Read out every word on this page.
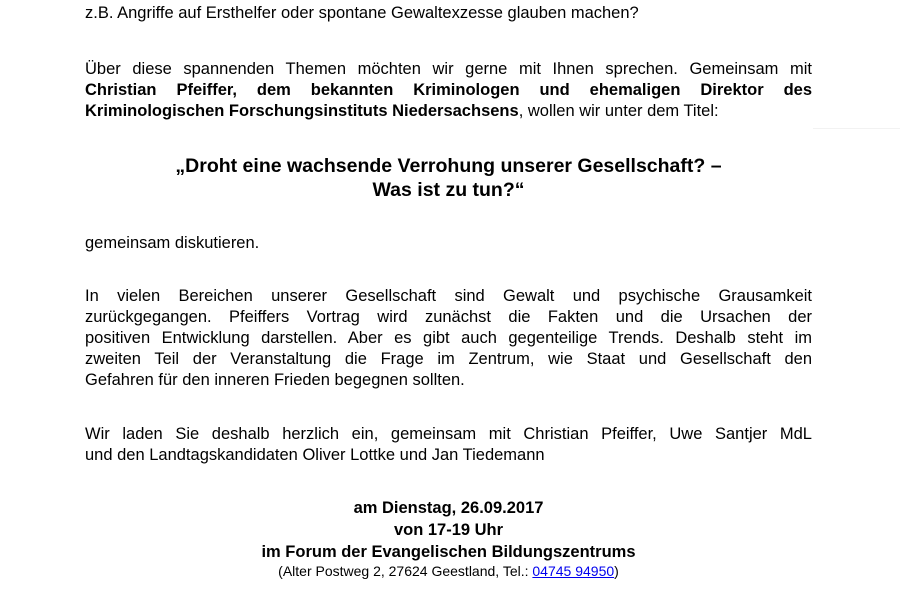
z.B. Angriffe auf Ersthelfer oder spontane Gewaltexzesse glauben machen?
Über diese spannenden Themen möchten wir gerne mit Ihnen sprechen. Gemeinsam mit
Christian Pfeiffer, dem bekannten Kriminologen und ehemaligen Direktor des
Kriminologischen Forschungsinstituts Niedersachsens, wollen wir unter dem Titel:
„Droht eine wachsende Verrohung unserer Gesellschaft? –
Was ist zu tun?“
gemeinsam diskutieren.
In vielen Bereichen unserer Gesellschaft sind Gewalt und psychische Grausamkeit
zurückgegangen. Pfeiffers Vortrag wird zunächst die Fakten und die Ursachen der
positiven Entwicklung darstellen. Aber es gibt auch gegenteilige Trends. Deshalb steht im
zweiten Teil der Veranstaltung die Frage im Zentrum, wie Staat und Gesellschaft den
Gefahren für den inneren Frieden begegnen sollten.
Wir laden Sie deshalb herzlich ein, gemeinsam mit Christian Pfeiffer, Uwe Santjer MdL
und den Landtagskandidaten Oliver Lottke und Jan Tiedemann
am Dienstag, 26.09.2017
von 17-19 Uhr
im Forum der Evangelischen Bildungszentrums
(Alter Postweg 2, 27624 Geestland, Tel.: 04745 94950)
